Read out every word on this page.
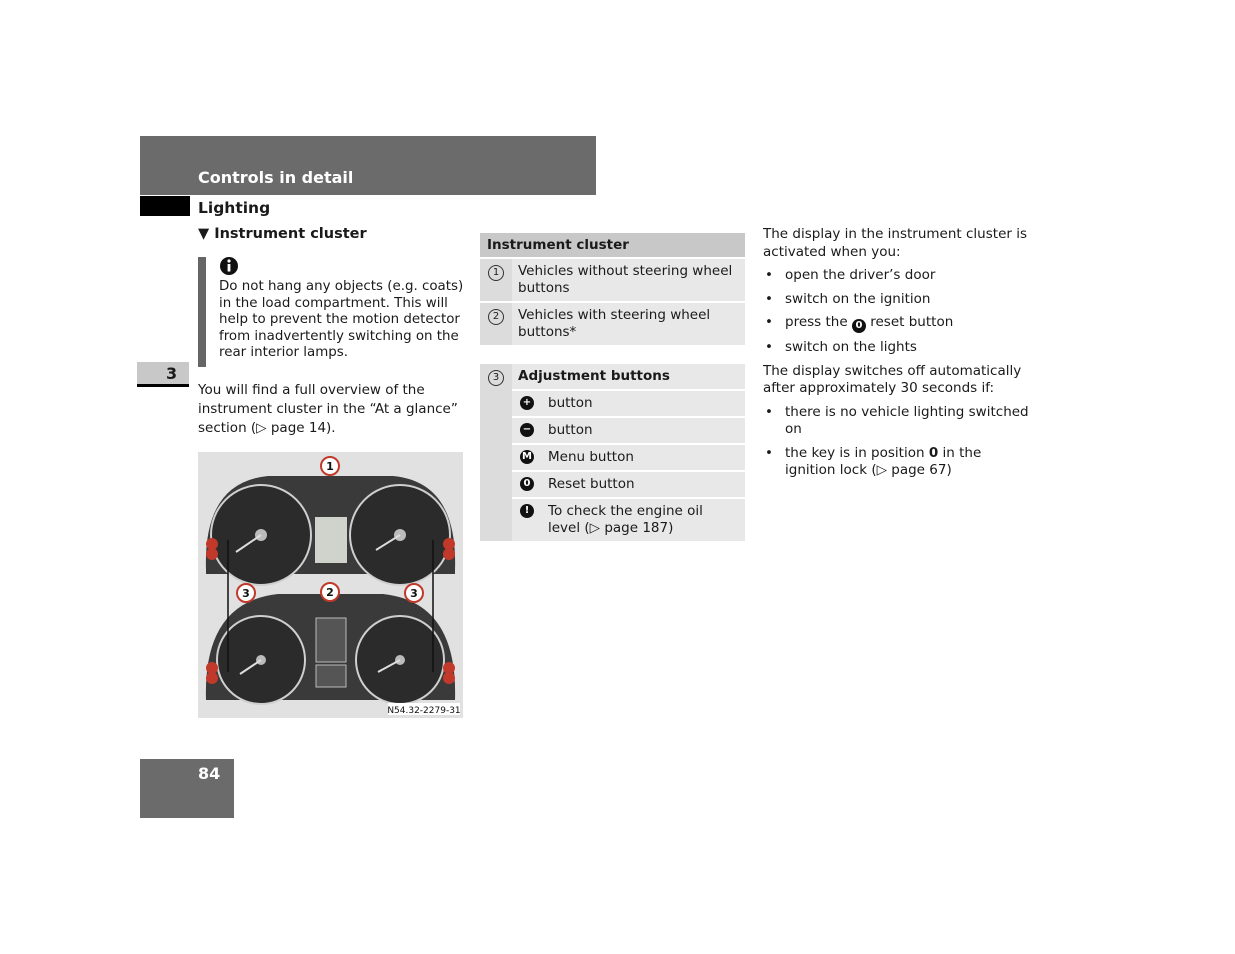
Controls in detail
Lighting
▼ Instrument cluster
Do not hang any objects (e.g. coats) in the load compartment. This will help to prevent the motion detector from inadvertently switching on the rear interior lamps.
3
You will find a full overview of the instrument cluster in the “At a glance” section (▷ page 14).
1
2
3	3
N54.32-2279-31
Instrument cluster	
1	Vehicles without steering wheel buttons
2	Vehicles with steering wheel buttons*
3	Adjustment buttons	
	+	button
	−	button
	M	Menu button
	0	Reset button
	!	To check the engine oil level (▷ page 187)

The display in the instrument cluster is activated when you:

• open the driver’s door
• switch on the ignition
• press the 0 reset button
• switch on the lights

The display switches off automatically after approximately 30 seconds if:

• there is no vehicle lighting switched on
• the key is in position 0 in the ignition lock (▷ page 67)
84
